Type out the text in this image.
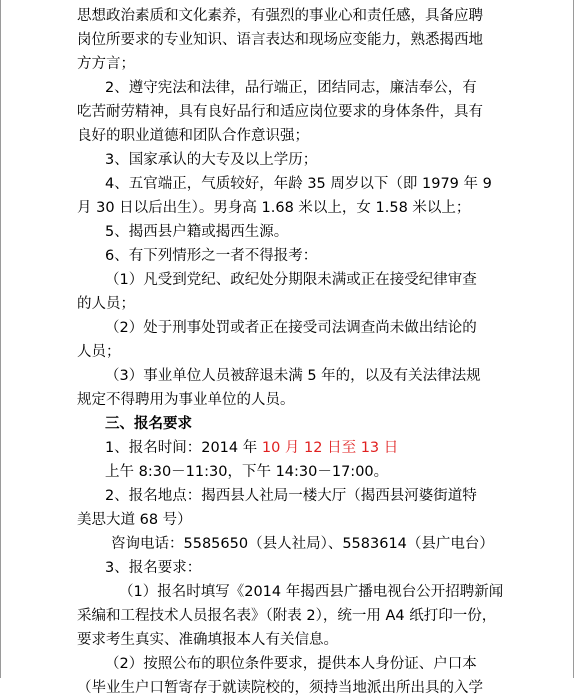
思想政治素质和文化素养，有强烈的事业心和责任感，具备应聘
岗位所要求的专业知识、语言表达和现场应变能力，熟悉揭西地
方方言；
2、遵守宪法和法律，品行端正，团结同志，廉洁奉公，有
吃苦耐劳精神，具有良好品行和适应岗位要求的身体条件，具有
良好的职业道德和团队合作意识强；
3、国家承认的大专及以上学历；
4、五官端正，气质较好，年龄 35 周岁以下（即 1979 年 9
月 30 日以后出生）。男身高 1.68 米以上，女 1.58 米以上；
5、揭西县户籍或揭西生源。
6、有下列情形之一者不得报考：
（1）凡受到党纪、政纪处分期限未满或正在接受纪律审查
的人员；
（2）处于刑事处罚或者正在接受司法调查尚未做出结论的
人员；
（3）事业单位人员被辞退未满 5 年的，以及有关法律法规
规定不得聘用为事业单位的人员。
三、报名要求
1、报名时间：2014 年 10 月 12 日至 13 日
上午 8:30－11:30，下午 14:30－17:00。
2、报名地点：揭西县人社局一楼大厅（揭西县河婆街道特
美思大道 68 号）
咨询电话：5585650（县人社局）、5583614（县广电台）
3、报名要求：
（1）报名时填写《2014 年揭西县广播电视台公开招聘新闻
采编和工程技术人员报名表》（附表 2），统一用 A4 纸打印一份，
要求考生真实、准确填报本人有关信息。
（2）按照公布的职位条件要求，提供本人身份证、户口本
（毕业生户口暂寄存于就读院校的，须持当地派出所出具的入学
